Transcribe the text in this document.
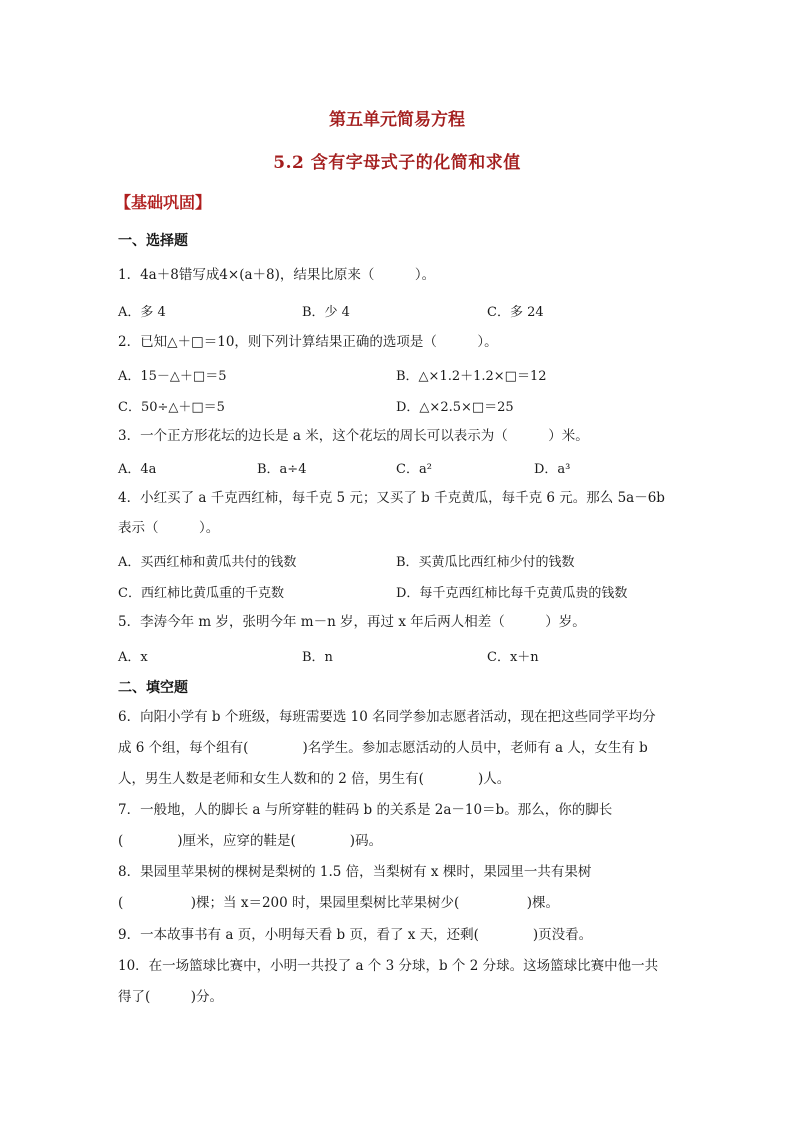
第五单元简易方程
5.2 含有字母式子的化简和求值
【基础巩固】
一、选择题
1．4a＋8错写成4×(a＋8)，结果比原来（　　　）。
A．多 4	B．少 4	C．多 24
2．已知△＋□＝10，则下列计算结果正确的选项是（　　　）。
A．15－△＋□＝5	B．△×1.2＋1.2×□＝12
C．50÷△＋□＝5	D．△×2.5×□＝25
3．一个正方形花坛的边长是 a 米，这个花坛的周长可以表示为（　　　）米。
A．4a	B．a÷4	C．a²	D．a³
4．小红买了 a 千克西红柿，每千克 5 元；又买了 b 千克黄瓜，每千克 6 元。那么 5a－6b
表示（　　　）。
A．买西红柿和黄瓜共付的钱数	B．买黄瓜比西红柿少付的钱数
C．西红柿比黄瓜重的千克数	D．每千克西红柿比每千克黄瓜贵的钱数
5．李涛今年 m 岁，张明今年 m－n 岁，再过 x 年后两人相差（　　　）岁。
A．x	B．n	C．x＋n
二、填空题
6．向阳小学有 b 个班级，每班需要选 10 名同学参加志愿者活动，现在把这些同学平均分
成 6 个组，每个组有(　　　　)名学生。参加志愿活动的人员中，老师有 a 人，女生有 b
人，男生人数是老师和女生人数和的 2 倍，男生有(　　　　)人。
7．一般地，人的脚长 a 与所穿鞋的鞋码 b 的关系是 2a－10＝b。那么，你的脚长
(　　　　)厘米，应穿的鞋是(　　　　)码。
8．果园里苹果树的棵树是梨树的 1.5 倍，当梨树有 x 棵时，果园里一共有果树
(　　　　　)棵；当 x＝200 时，果园里梨树比苹果树少(　　　　　)棵。
9．一本故事书有 a 页，小明每天看 b 页，看了 x 天，还剩(　　　　)页没看。
10．在一场篮球比赛中，小明一共投了 a 个 3 分球，b 个 2 分球。这场篮球比赛中他一共
得了(　　　)分。
